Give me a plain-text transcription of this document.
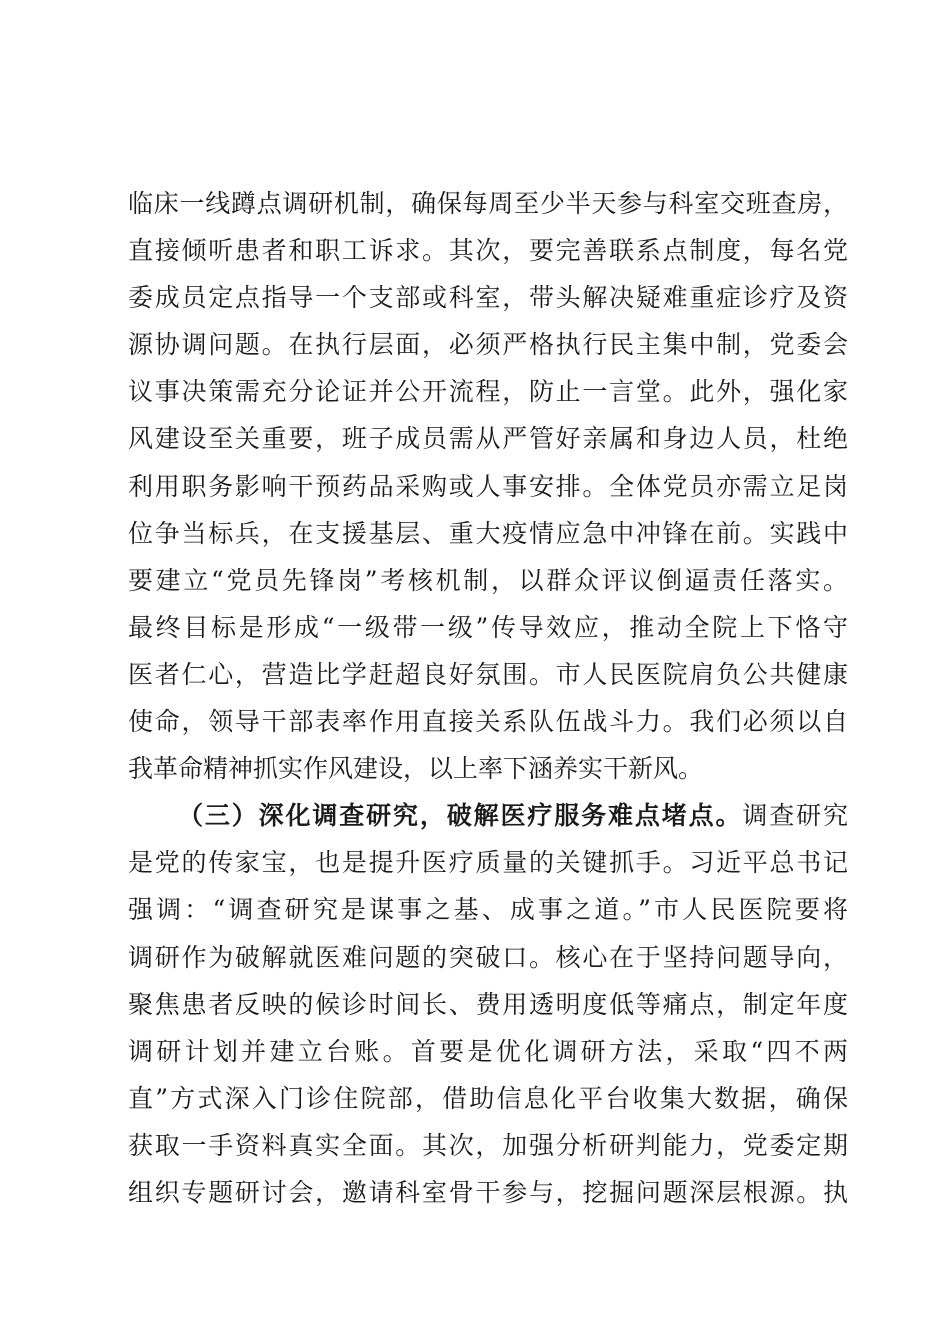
临床一线蹲点调研机制，确保每周至少半天参与科室交班查房，
直接倾听患者和职工诉求。其次，要完善联系点制度，每名党
委成员定点指导一个支部或科室，带头解决疑难重症诊疗及资
源协调问题。在执行层面，必须严格执行民主集中制，党委会
议事决策需充分论证并公开流程，防止一言堂。此外，强化家
风建设至关重要，班子成员需从严管好亲属和身边人员，杜绝
利用职务影响干预药品采购或人事安排。全体党员亦需立足岗
位争当标兵，在支援基层、重大疫情应急中冲锋在前。实践中
要建立“党员先锋岗”考核机制，以群众评议倒逼责任落实。
最终目标是形成“一级带一级”传导效应，推动全院上下恪守
医者仁心，营造比学赶超良好氛围。市人民医院肩负公共健康
使命，领导干部表率作用直接关系队伍战斗力。我们必须以自
我革命精神抓实作风建设，以上率下涵养实干新风。
（三）深化调查研究，破解医疗服务难点堵点。调查研究
是党的传家宝，也是提升医疗质量的关键抓手。习近平总书记
强调：“调查研究是谋事之基、成事之道。”市人民医院要将
调研作为破解就医难问题的突破口。核心在于坚持问题导向，
聚焦患者反映的候诊时间长、费用透明度低等痛点，制定年度
调研计划并建立台账。首要是优化调研方法，采取“四不两
直”方式深入门诊住院部，借助信息化平台收集大数据，确保
获取一手资料真实全面。其次，加强分析研判能力，党委定期
组织专题研讨会，邀请科室骨干参与，挖掘问题深层根源。执
